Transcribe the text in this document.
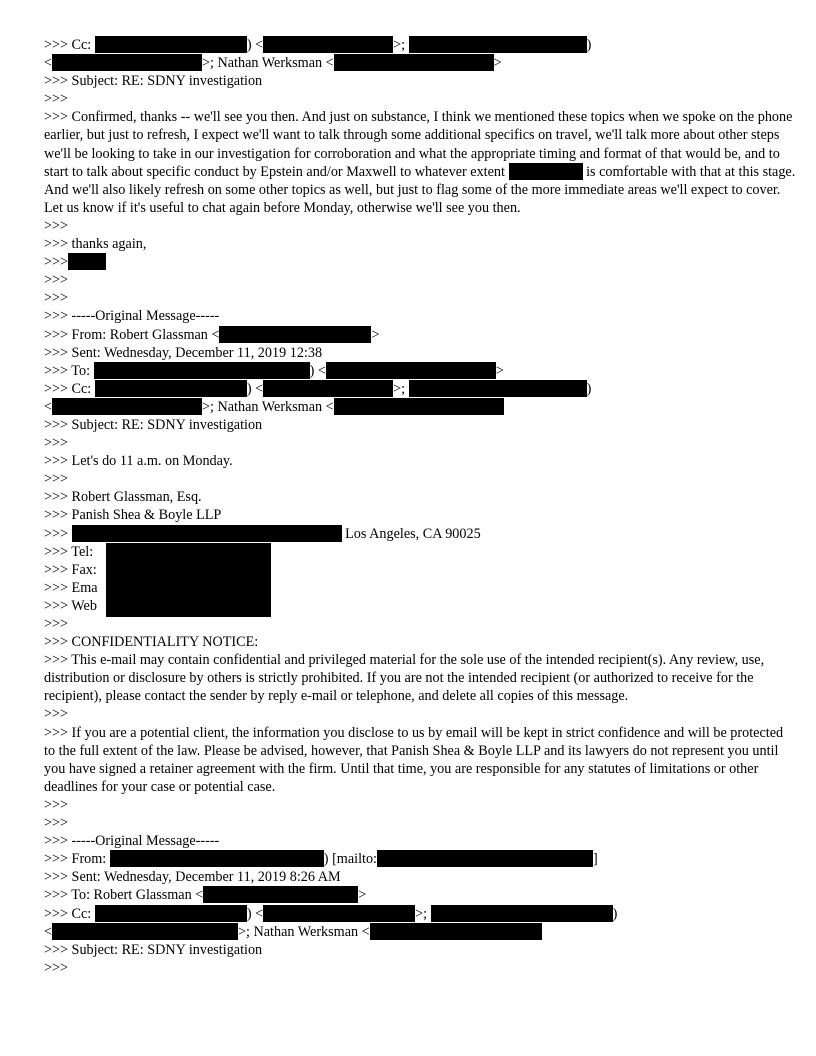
>>> Cc:	) <	>;	)
<	>; Nathan Werksman <	>
>>> Subject: RE: SDNY investigation
>>>
>>> Confirmed, thanks -- we'll see you then. And just on substance, I think we mentioned these topics when we spoke on the phone earlier, but just to refresh, I expect we'll want to talk through some additional specifics on travel, we'll talk more about other steps we'll be looking to take in our investigation for corroboration and what the appropriate timing and format of that would be, and to start to talk about specific conduct by Epstein and/or Maxwell to whatever extent	is comfortable with that at this stage. And we'll also likely refresh on some other topics as well, but just to flag some of the more immediate areas we'll expect to cover. Let us know if it's useful to chat again before Monday, otherwise we'll see you then.
>>>
>>> thanks again,
>>>
>>>
>>>
>>> -----Original Message-----
>>> From: Robert Glassman <	>
>>> Sent: Wednesday, December 11, 2019 12:38
>>> To:	) <	>
>>> Cc:	) <	>;	)
<	>; Nathan Werksman <
>>> Subject: RE: SDNY investigation
>>>
>>> Let's do 11 a.m. on Monday.
>>>
>>> Robert Glassman, Esq.
>>> Panish Shea & Boyle LLP
>>>	Los Angeles, CA 90025
>>> Tel:
>>> Fax:
>>> Ema
>>> Web
>>>
>>> CONFIDENTIALITY NOTICE:
>>> This e-mail may contain confidential and privileged material for the sole use of the intended recipient(s). Any review, use, distribution or disclosure by others is strictly prohibited. If you are not the intended recipient (or authorized to receive for the recipient), please contact the sender by reply e-mail or telephone, and delete all copies of this message.
>>>
>>> If you are a potential client, the information you disclose to us by email will be kept in strict confidence and will be protected to the full extent of the law. Please be advised, however, that Panish Shea & Boyle LLP and its lawyers do not represent you until you have signed a retainer agreement with the firm. Until that time, you are responsible for any statutes of limitations or other deadlines for your case or potential case.
>>>
>>>
>>> -----Original Message-----
>>> From:	) [mailto:	]
>>> Sent: Wednesday, December 11, 2019 8:26 AM
>>> To: Robert Glassman <	>
>>> Cc:	) <	>;	)
<	>; Nathan Werksman <
>>> Subject: RE: SDNY investigation
>>>
